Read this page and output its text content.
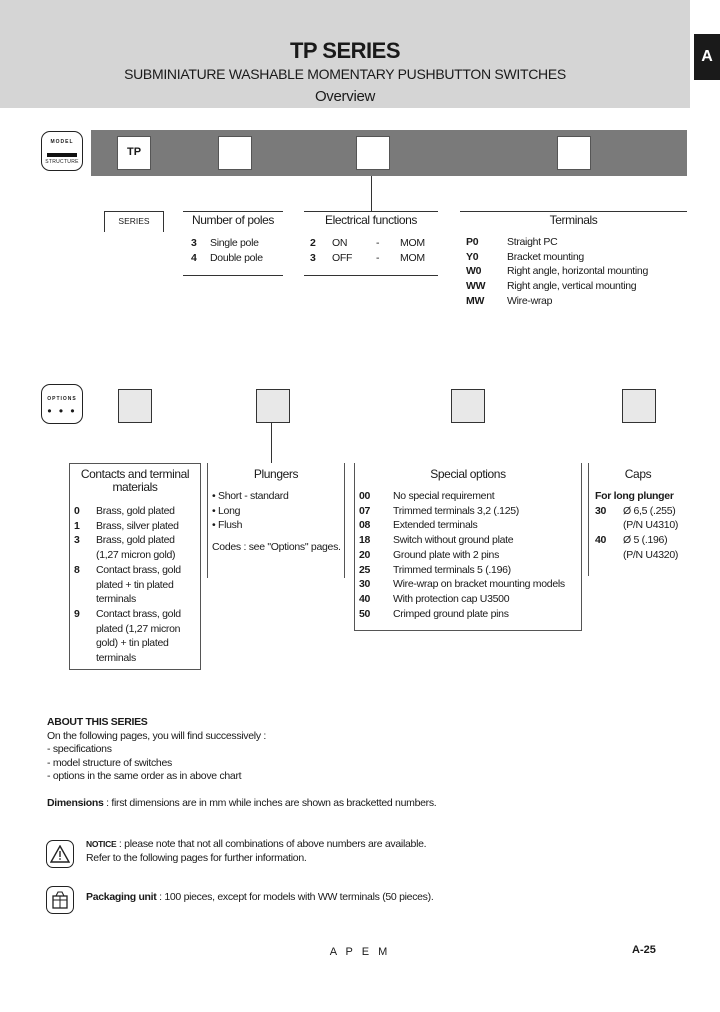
TP SERIES
SUBMINIATURE WASHABLE MOMENTARY PUSHBUTTON SWITCHES
Overview
A
MODEL
STRUCTURE
TP
SERIES	Number of poles
3 Single pole
4 Double pole
Electrical functions
2 ON	- MOM
3 OFF - MOM
Terminals
P0	Straight PC
Y0	Bracket mounting
W0 Right angle, horizontal mounting
WW Right angle, vertical mounting
MW Wire-wrap
OPTIONS
• • •
Contacts and terminal
materials
0 Brass, gold plated
1 Brass, silver plated
3 Brass, gold plated
(1,27 micron gold)
8 Contact brass, gold
plated + tin plated
terminals
9 Contact brass, gold
plated (1,27 micron
gold) + tin plated
terminals
Plungers
• Short - standard
• Long
• Flush
Codes : see "Options" pages.
Special options
00 No special requirement
07 Trimmed terminals 3,2 (.125)
08 Extended terminals
18 Switch without ground plate
20 Ground plate with 2 pins
25 Trimmed terminals 5 (.196)
30 Wire-wrap on bracket mounting models
40 With protection cap U3500
50 Crimped ground plate pins
Caps
For long plunger
30 Ø 6,5 (.255)
(P/N U4310)
40 Ø 5 (.196)
(P/N U4320)
ABOUT THIS SERIES
On the following pages, you will find successively :
- specifications
- model structure of switches
- options in the same order as in above chart
Dimensions : first dimensions are in mm while inches are shown as bracketted numbers.
NOTICE : please note that not all combinations of above numbers are available.
Refer to the following pages for further information.
Packaging unit : 100 pieces, except for models with WW terminals (50 pieces).
A P E M	A-25
